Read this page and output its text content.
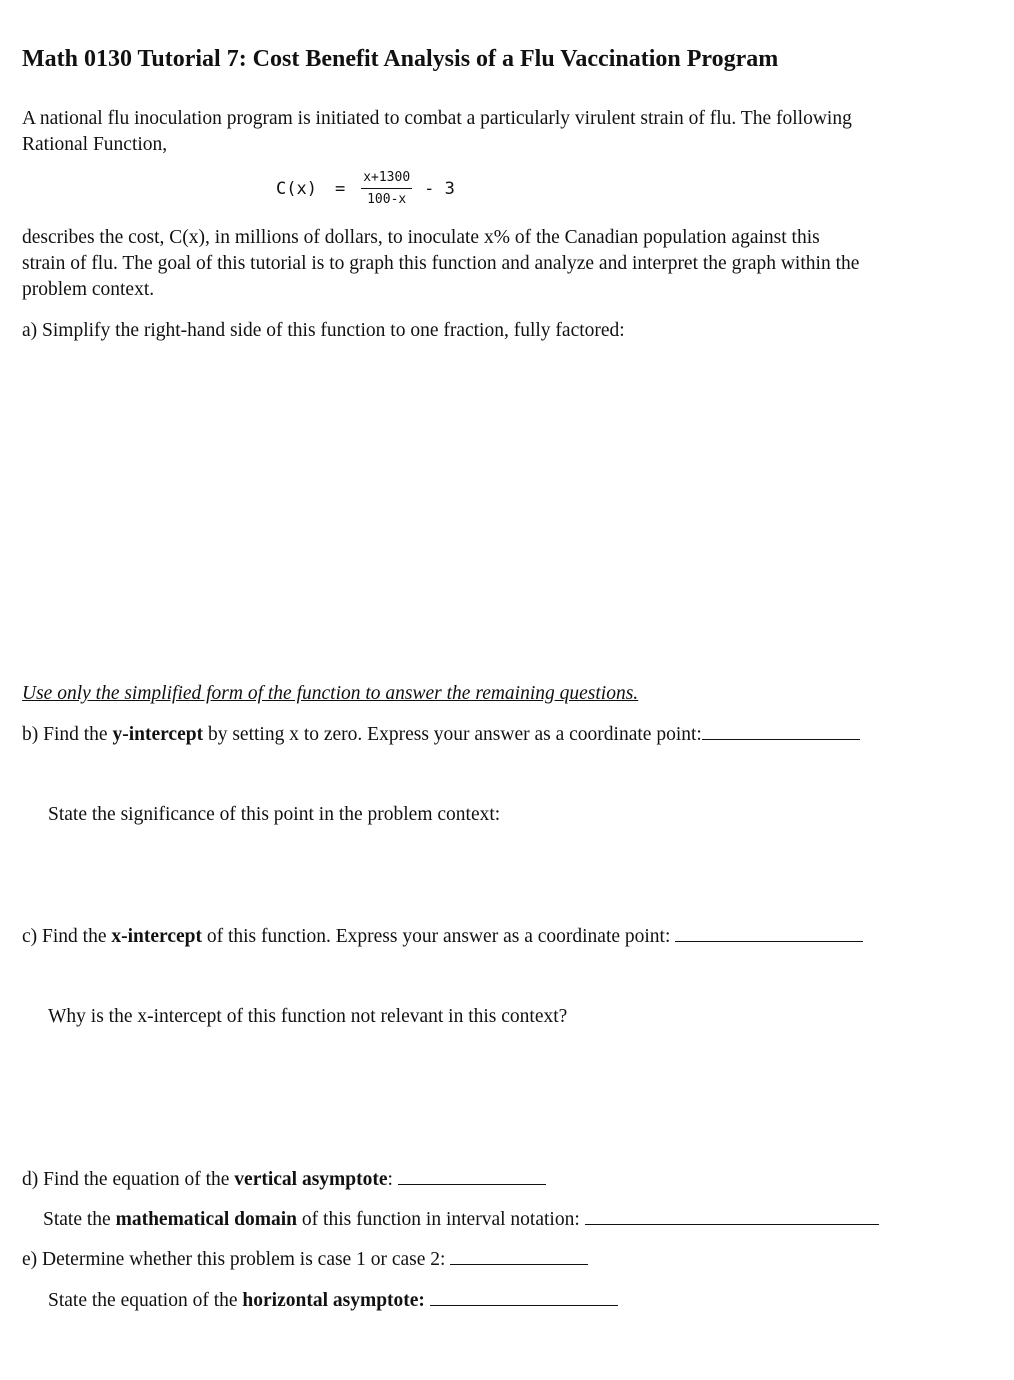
Math 0130 Tutorial 7: Cost Benefit Analysis of a Flu Vaccination Program
A national flu inoculation program is initiated to combat a particularly virulent strain of flu. The following
Rational Function,
$C(x) = \frac{x+1300}{100-x} - 3$
describes the cost, C(x), in millions of dollars, to inoculate x% of the Canadian population against this
strain of flu. The goal of this tutorial is to graph this function and analyze and interpret the graph within the
problem context.
a) Simplify the right-hand side of this function to one fraction, fully factored:
Use only the simplified form of the function to answer the remaining questions.
b) Find the y-intercept by setting x to zero. Express your answer as a coordinate point:
State the significance of this point in the problem context:
c) Find the x-intercept of this function. Express your answer as a coordinate point:
Why is the x-intercept of this function not relevant in this context?
d) Find the equation of the vertical asymptote:
State the mathematical domain of this function in interval notation:
e) Determine whether this problem is case 1 or case 2:
State the equation of the horizontal asymptote:
